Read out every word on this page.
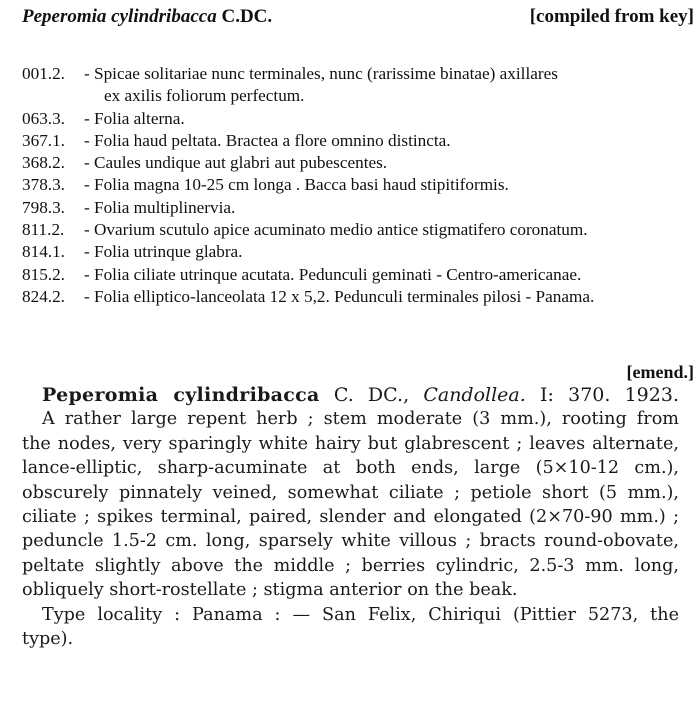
Peperomia cylindribacca C.DC.	[compiled from key]
001.2.	- Spicae solitariae nunc terminales, nunc (rarissime binatae) axillares
ex axilis foliorum perfectum.
063.3.	- Folia alterna.
367.1.	- Folia haud peltata. Bractea a flore omnino distincta.
368.2.	- Caules undique aut glabri aut pubescentes.
378.3.	- Folia magna 10-25 cm longa . Bacca basi haud stipitiformis.
798.3.	- Folia multiplinervia.
811.2.	- Ovarium scutulo apice acuminato medio antice stigmatifero coronatum.
814.1.	- Folia utrinque glabra.
815.2.	- Folia ciliate utrinque acutata. Pedunculi geminati - Centro-americanae.
824.2.	- Folia elliptico-lanceolata 12 x 5,2. Pedunculi terminales pilosi - Panama.
[emend.]
Peperomia cylindribacca C. DC., Candollea. I: 370. 1923.
A rather large repent herb ; stem moderate (3 mm.), rooting from
the nodes, very sparingly white hairy but glabrescent ; leaves alternate,
lance-elliptic, sharp-acuminate at both ends, large (5×10-12 cm.),
obscurely pinnately veined, somewhat ciliate ; petiole short (5 mm.),
ciliate ; spikes terminal, paired, slender and elongated (2×70-90 mm.) ;
peduncle 1.5-2 cm. long, sparsely white villous ; bracts round-obovate,
peltate slightly above the middle ; berries cylindric, 2.5-3 mm. long,
obliquely short-rostellate ; stigma anterior on the beak.
Type locality : Panama : — San Felix, Chiriqui (Pittier 5273, the
type).
